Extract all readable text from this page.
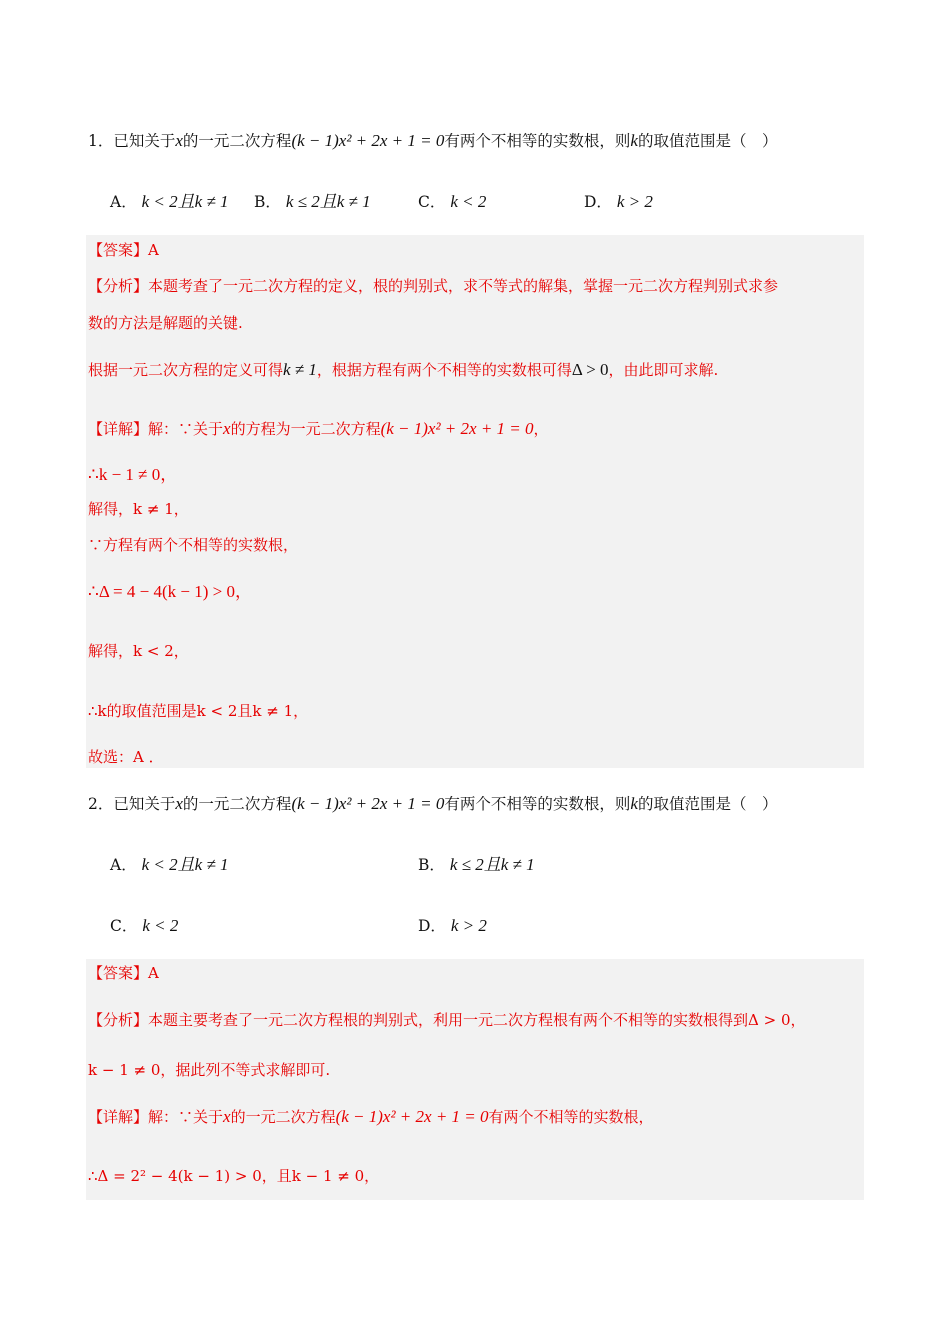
1．已知关于x的一元二次方程(k − 1)x² + 2x + 1 = 0有两个不相等的实数根，则k的取值范围是（　）
A． k < 2且k ≠ 1 B． k ≤ 2且k ≠ 1	C． k < 2	D． k > 2
【答案】A
【分析】本题考查了一元二次方程的定义，根的判别式，求不等式的解集，掌握一元二次方程判别式求参
数的方法是解题的关键.
根据一元二次方程的定义可得k ≠ 1，根据方程有两个不相等的实数根可得Δ > 0，由此即可求解.
【详解】解：∵关于x的方程为一元二次方程(k − 1)x² + 2x + 1 = 0，
∴k − 1 ≠ 0，
解得，k ≠ 1，
∵方程有两个不相等的实数根，
∴Δ = 4 − 4(k − 1) > 0，
解得，k < 2，
∴k的取值范围是k < 2且k ≠ 1，
故选：A ．
2．已知关于x的一元二次方程(k − 1)x² + 2x + 1 = 0有两个不相等的实数根，则k的取值范围是（　）
A． k < 2且k ≠ 1	B． k ≤ 2且k ≠ 1
C． k < 2	D． k > 2
【答案】A
【分析】本题主要考查了一元二次方程根的判别式，利用一元二次方程根有两个不相等的实数根得到Δ > 0，
k − 1 ≠ 0，据此列不等式求解即可.
【详解】解：∵关于x的一元二次方程(k − 1)x² + 2x + 1 = 0有两个不相等的实数根，
∴Δ = 2² − 4(k − 1) > 0，且k − 1 ≠ 0，
